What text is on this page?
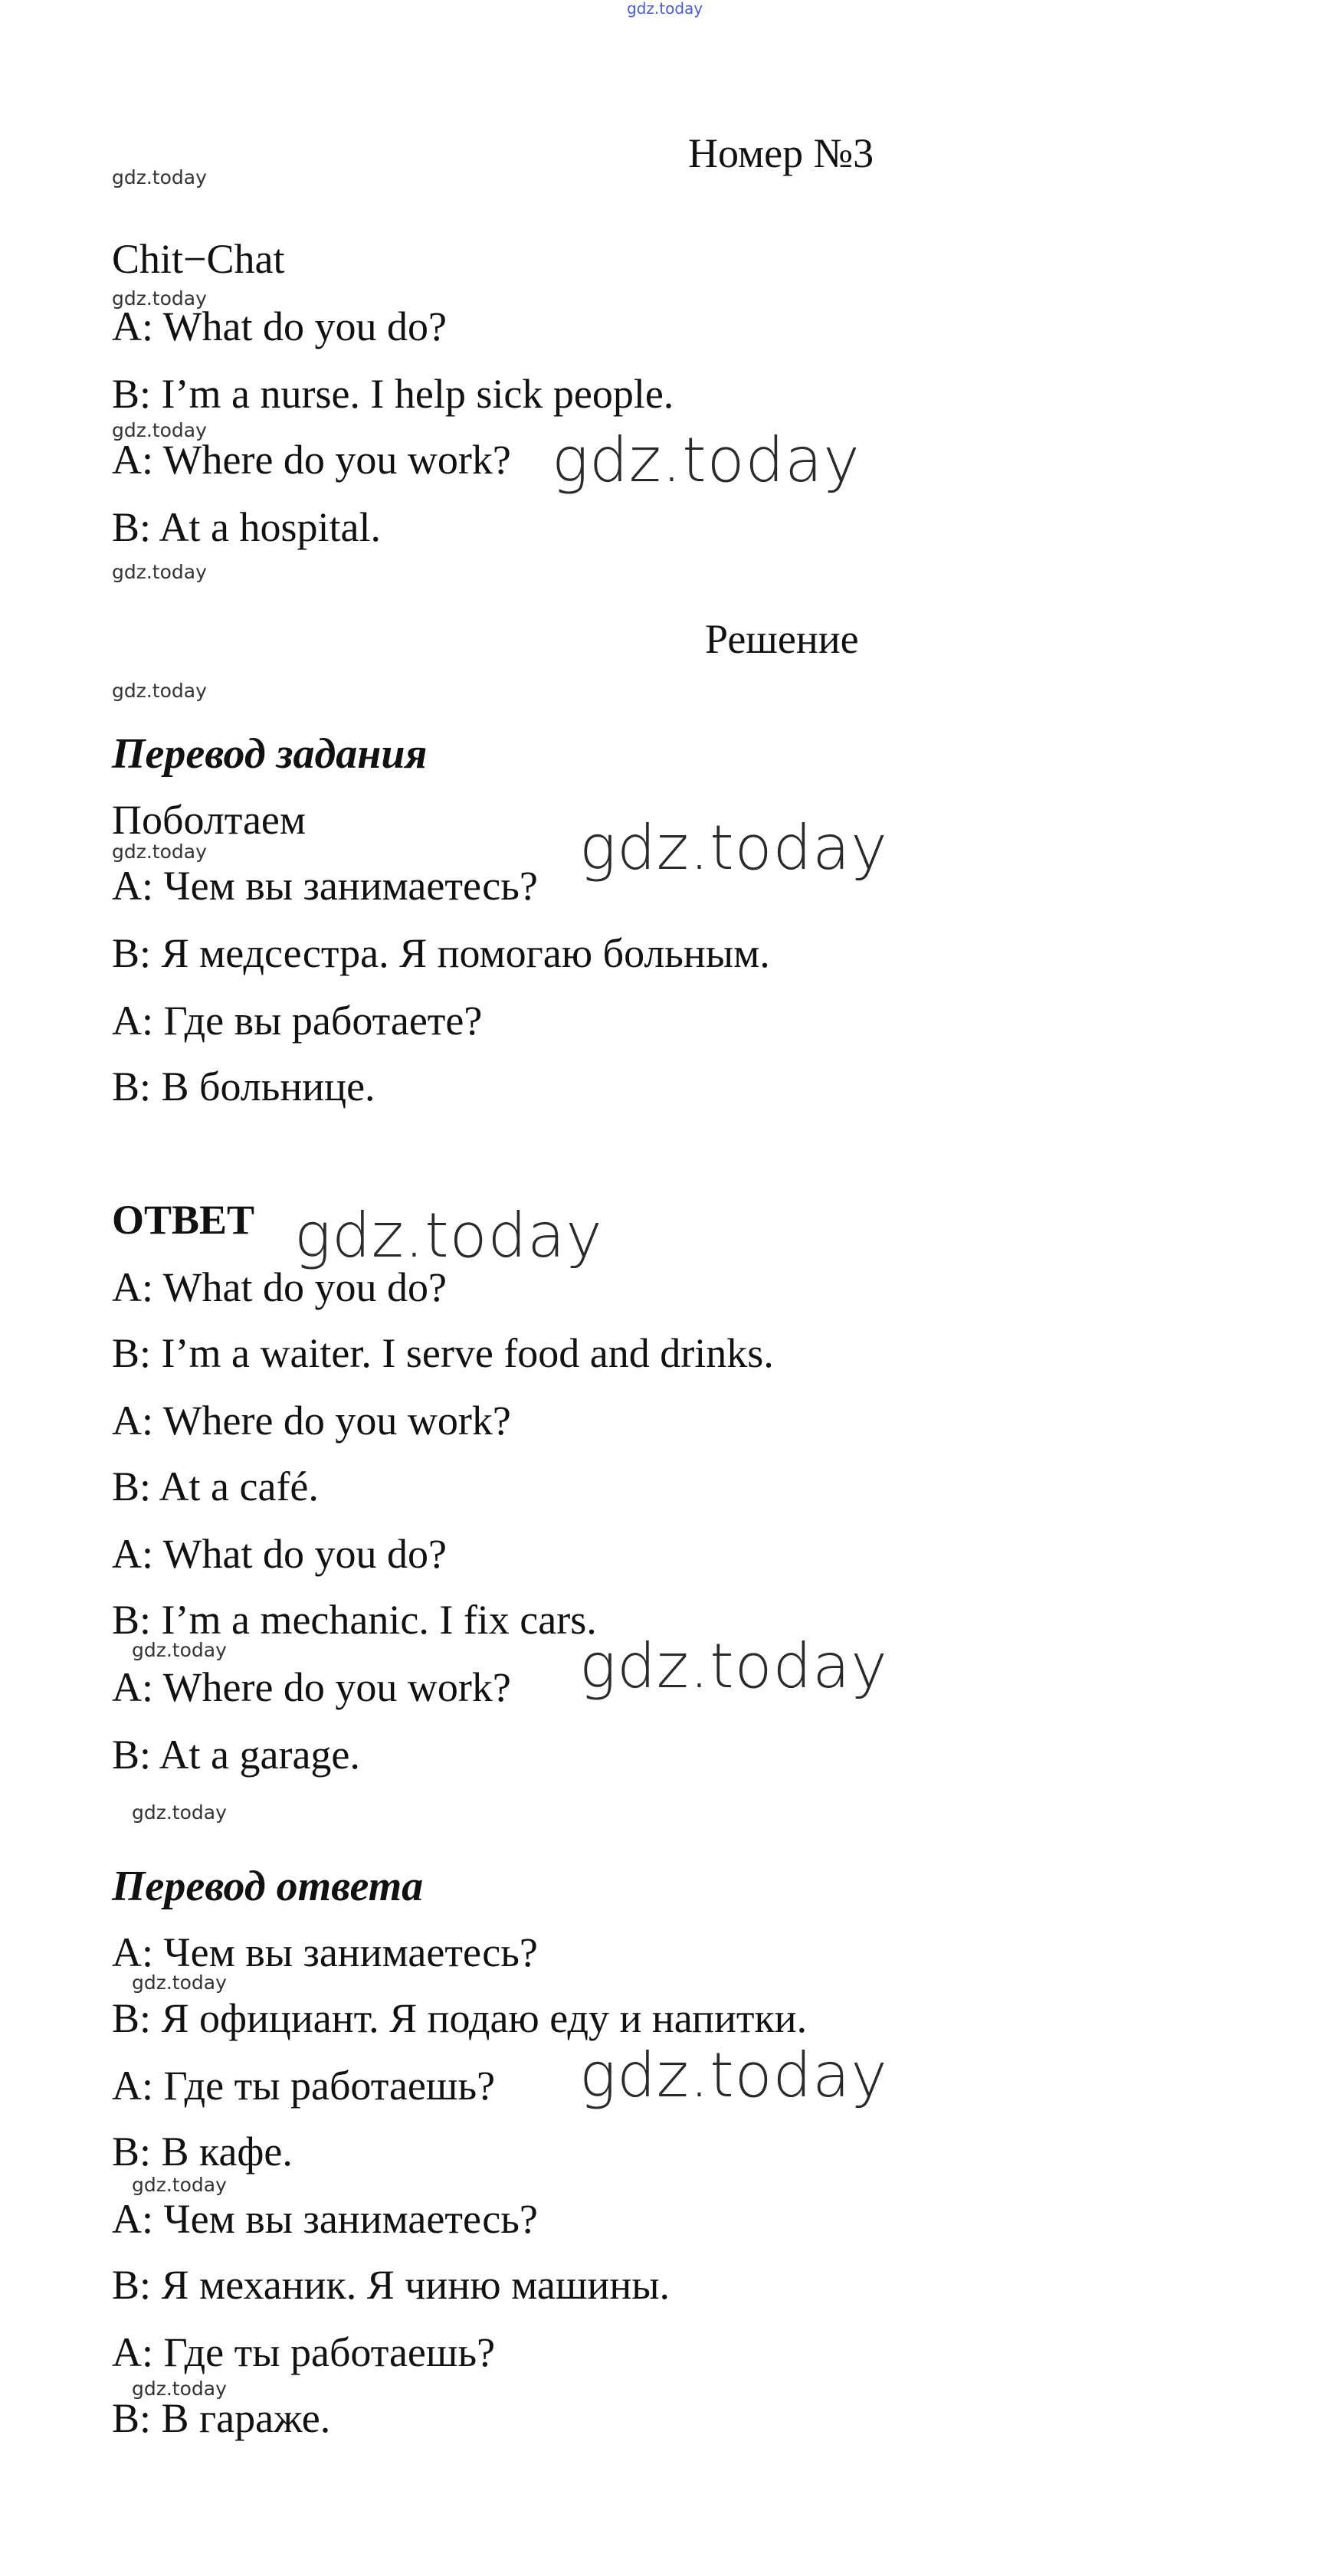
gdz.today
Номер №3
gdz.today
Chit−Chat
gdz.today
A: What do you do?
B: I’m a nurse. I help sick people.
gdz.today
A: Where do you work? gdz.today
B: At a hospital.
gdz.today
Решение
gdz.today
Перевод задания
Поболтаем
gdz.today	gdz.today
A: Чем вы занимаетесь?
B: Я медсестра. Я помогаю больным.
A: Где вы работаете?
B: В больнице.
ОТВЕТ gdz.today
A: What do you do?
B: I’m a waiter. I serve food and drinks.
A: Where do you work?
B: At a café.
A: What do you do?
B: I’m a mechanic. I fix cars.
gdz.today
A: Where do you work? gdz.today
B: At a garage.
gdz.today
Перевод ответа
A: Чем вы занимаетесь?
gdz.today
B: Я официант. Я подаю еду и напитки.
A: Где ты работаешь? gdz.today
B: В кафе.
gdz.today
A: Чем вы занимаетесь?
B: Я механик. Я чиню машины.
A: Где ты работаешь?
gdz.today
B: В гараже.
